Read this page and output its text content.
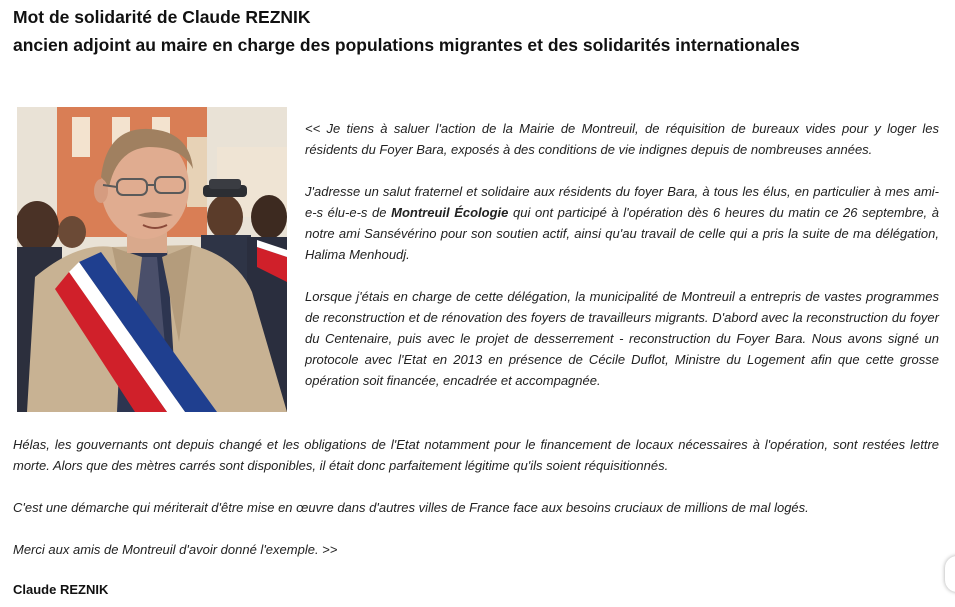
Mot de solidarité de Claude REZNIK
ancien adjoint au maire en charge des populations migrantes et des solidarités internationales

<< Je tiens à saluer l'action de la Mairie de Montreuil, de réquisition de bureaux vides pour y loger les résidents du Foyer Bara, exposés à des conditions de vie indignes depuis de nombreuses années.

J'adresse un salut fraternel et solidaire aux résidents du foyer Bara, à tous les élus, en particulier à mes ami-e-s élu-e-s de Montreuil Écologie qui ont participé à l'opération dès 6 heures du matin ce 26 septembre, à notre ami Sansévérino pour son soutien actif, ainsi qu'au travail de celle qui a pris la suite de ma délégation, Halima Menhoudj.

Lorsque j'étais en charge de cette délégation, la municipalité de Montreuil a entrepris de vastes programmes de reconstruction et de rénovation des foyers de travailleurs migrants. D'abord avec la reconstruction du foyer du Centenaire, puis avec le projet de desserrement - reconstruction du Foyer Bara. Nous avons signé un protocole avec l'Etat en 2013 en présence de Cécile Duflot, Ministre du Logement afin que cette grosse opération soit financée, encadrée et accompagnée.

Hélas, les gouvernants ont depuis changé et les obligations de l'Etat notamment pour le financement de locaux nécessaires à l'opération, sont restées lettre morte. Alors que des mètres carrés sont disponibles, il était donc parfaitement légitime qu'ils soient réquisitionnés.

C'est une démarche qui mériterait d'être mise en œuvre dans d'autres villes de France face aux besoins cruciaux de millions de mal logés.

Merci aux amis de Montreuil d'avoir donné l'exemple. >>

Claude REZNIK
